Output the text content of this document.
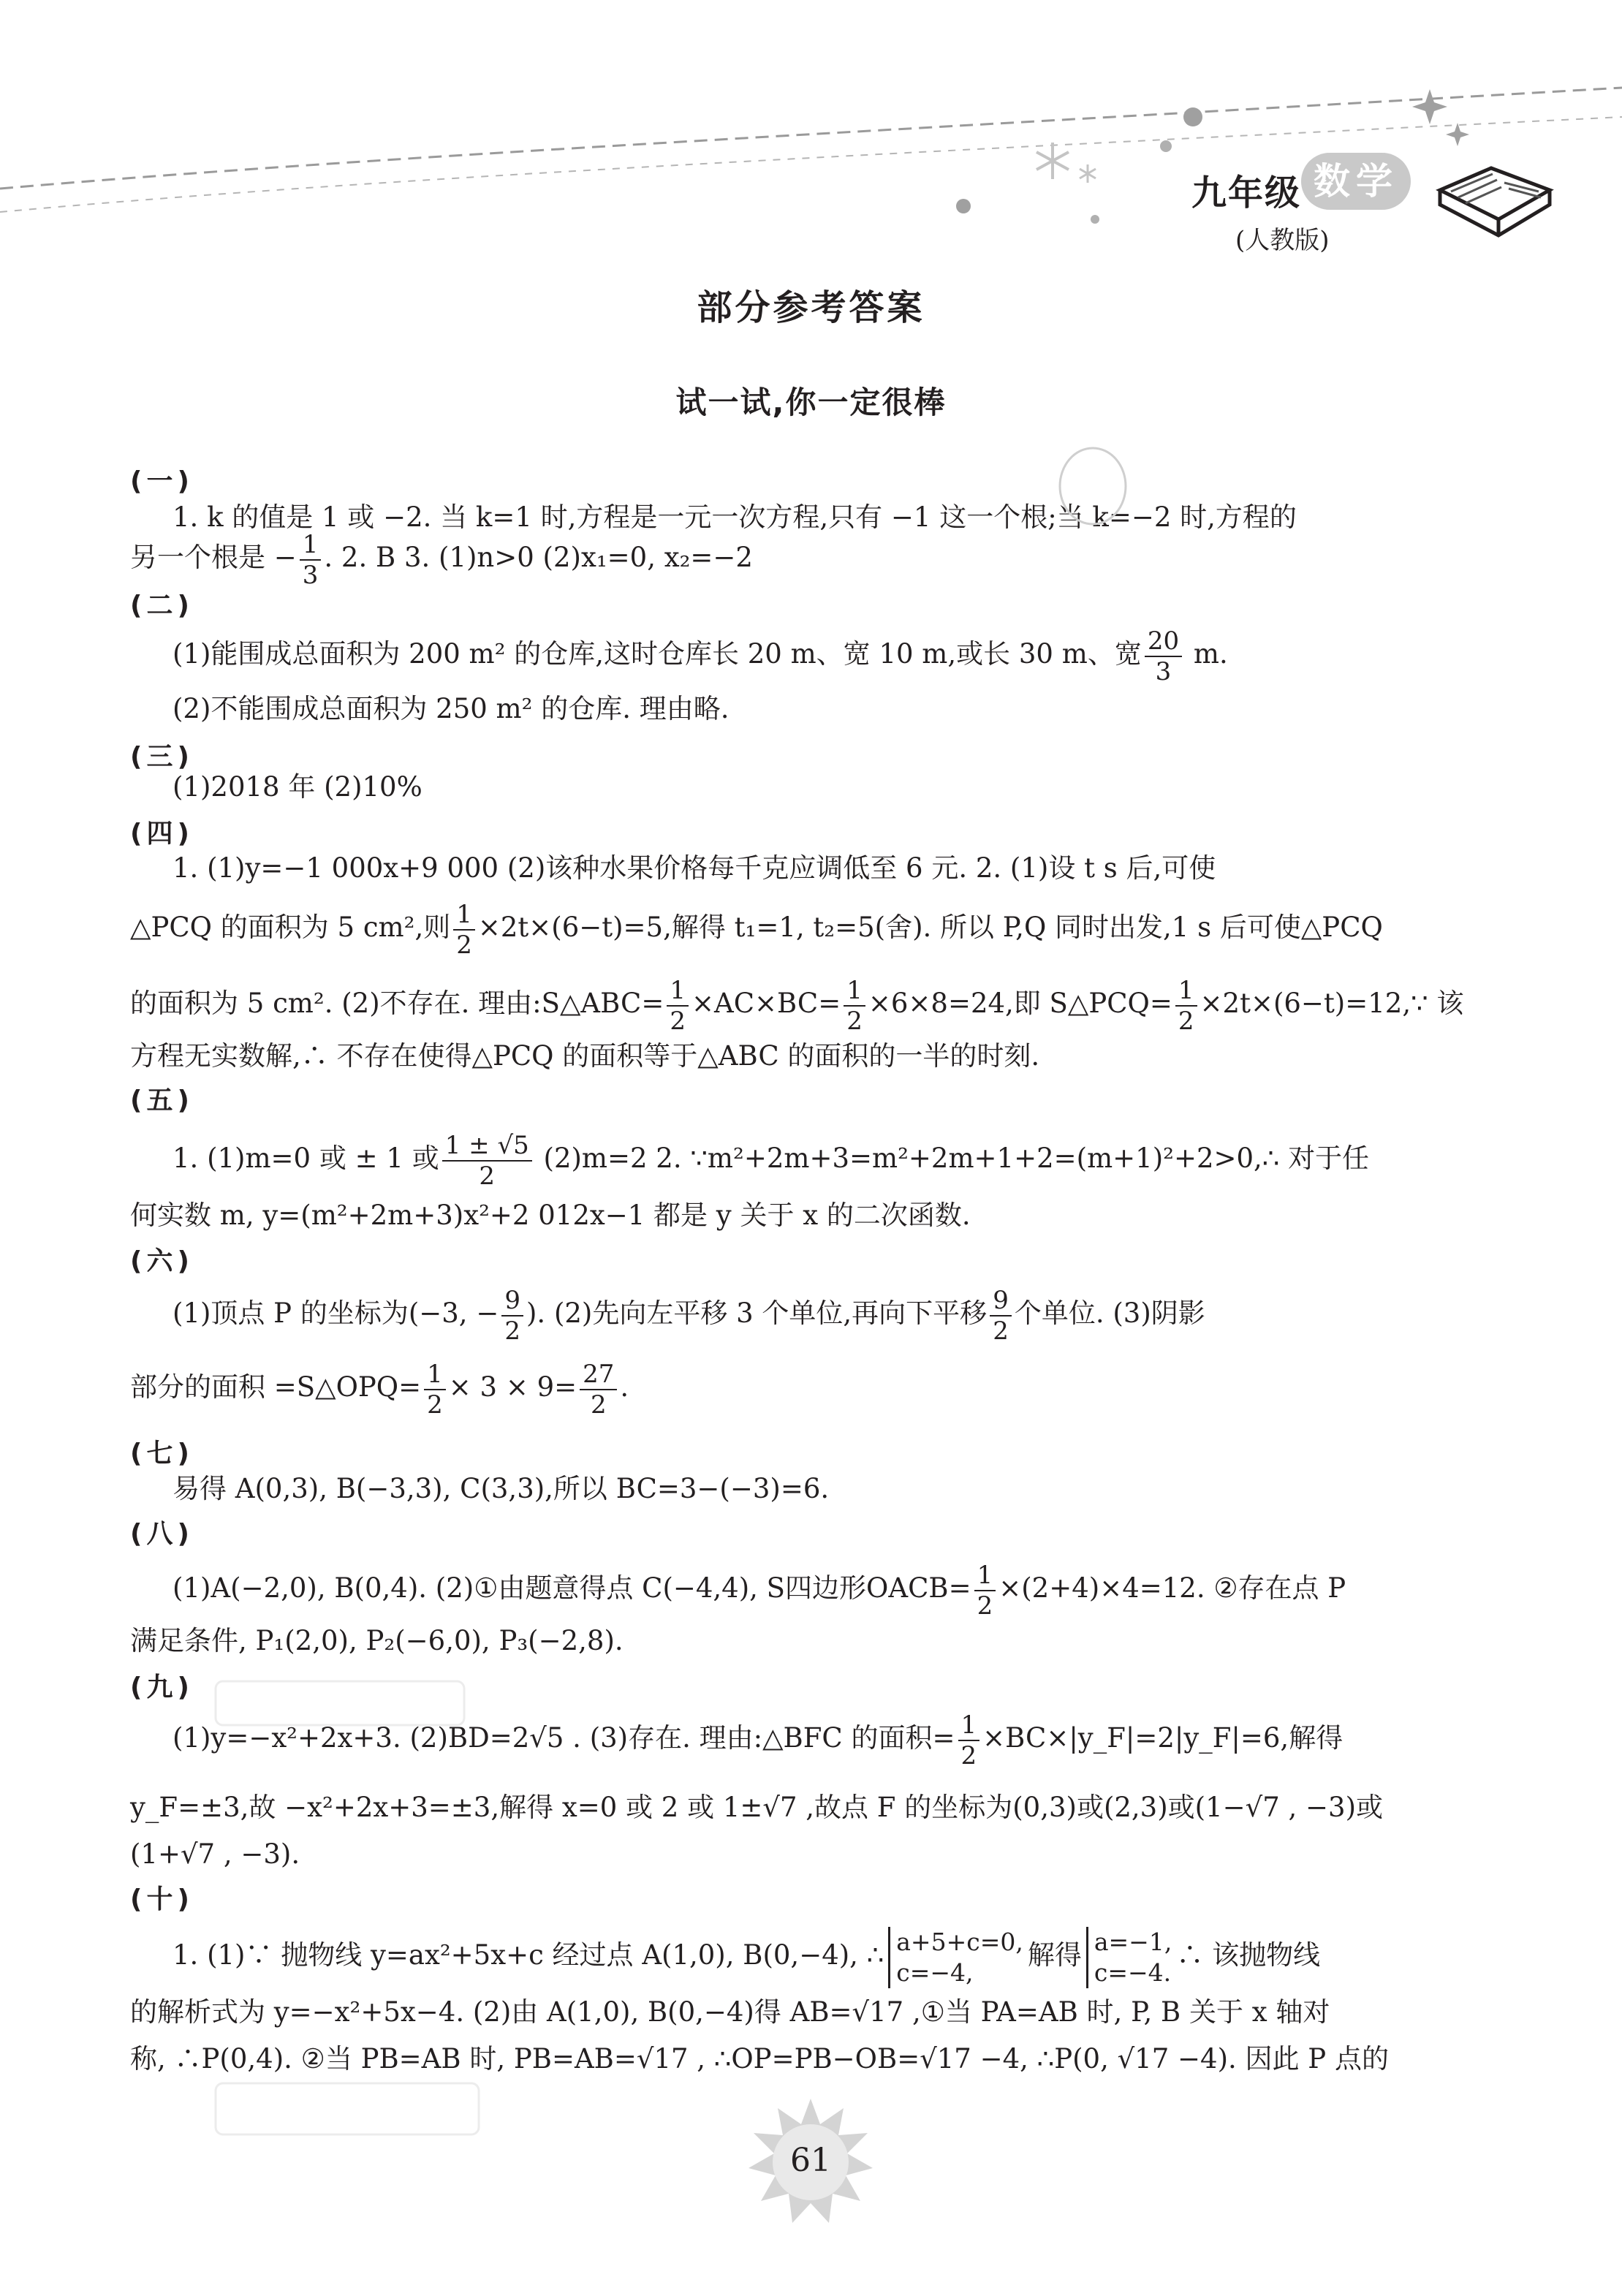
九年级 数学
(人教版)
部分参考答案
试一试,你一定很棒
(一)
1. k 的值是 1 或 −2. 当 k=1 时,方程是一元一次方程,只有 −1 这一个根;当 k=−2 时,方程的
另一个根是 − $\frac{1}{3}$ . 2. B 3. (1)n>0 (2)x₁=0, x₂=−2
(二)
(1)能围成总面积为 200 m² 的仓库,这时仓库长 20 m、宽 10 m,或长 30 m、宽 $\frac{20}{3} m$.
(2)不能围成总面积为 250 m² 的仓库. 理由略.
(三)
(1)2018 年 (2)10%
(四)
1. (1)y=−1 000x+9 000 (2)该种水果价格每千克应调低至 6 元. 2. (1)设 t s 后,可使
△PCQ 的面积为 5 cm²,则 $\frac{1}{2} \times 2t\times(6-t)=5$,解得 t₁=1, t₂=5(舍). 所以 P,Q 同时出发,1 s 后可使△PCQ
的面积为 5 cm². (2)不存在. 理由:S△ABC= $\frac{1}{2} \times AC\times BC= \frac{1}{2} \times 6\times 8=24$,即 S△PCQ= $\frac{1}{2}$ ×2t×(6−t)=12,∵ 该
方程无实数解,∴ 不存在使得△PCQ 的面积等于△ABC 的面积的一半的时刻.
(五)
1. (1)m=0 或 ± 1 或 $\frac{1 \pm √5}{2} (2)m=2$ 2. ∵m²+2m+3=m²+2m+1+2=(m+1)²+2>0,∴ 对于任
何实数 m, y=(m²+2m+3)x²+2 012x−1 都是 y 关于 x 的二次函数.
(六)
(1)顶点 P 的坐标为(−3, − $\frac{9}{2}$ ). (2)先向左平移 3 个单位,再向下平移 $\frac{9}{2}$ 个单位. (3)阴影
部分的面积 =S△OPQ= $\frac{1}{2} \times 3 \times 9= \frac{27}{2}$ .
(七)
易得 A(0,3), B(−3,3), C(3,3),所以 BC=3−(−3)=6.
(八)
(1)A(−2,0), B(0,4). (2)①由题意得点 C(−4,4), S四边形OACB= $\frac{1}{2} \times(2+4)\times 4=12$. ②存在点 P
满足条件, P₁(2,0), P₂(−6,0), P₃(−2,8).
(九)
(1)y=−x²+2x+3. (2)BD=2√5 . (3)存在. 理由:△BFC 的面积= $\frac{1}{2}$ ×BC×|y_F|=2|y_F|=6,解得
y_F=±3,故 −x²+2x+3=±3,解得 x=0 或 2 或 1±√7 ,故点 F 的坐标为(0,3)或(2,3)或(1−√7 , −3)或
(1+√7 , −3).
(十)
1. (1)∵ 抛物线 y=ax²+5x+c 经过点 A(1,0), B(0,−4), ∴ a+5+c=0,
c=−4,
解得 a=−1,
c=−4.
∴ 该抛物线
的解析式为 y=−x²+5x−4. (2)由 A(1,0), B(0,−4)得 AB=√17 ,①当 PA=AB 时, P, B 关于 x 轴对
称, ∴P(0,4). ②当 PB=AB 时, PB=AB=√17 , ∴OP=PB−OB=√17 −4, ∴P(0, √17 −4). 因此 P 点的
61
